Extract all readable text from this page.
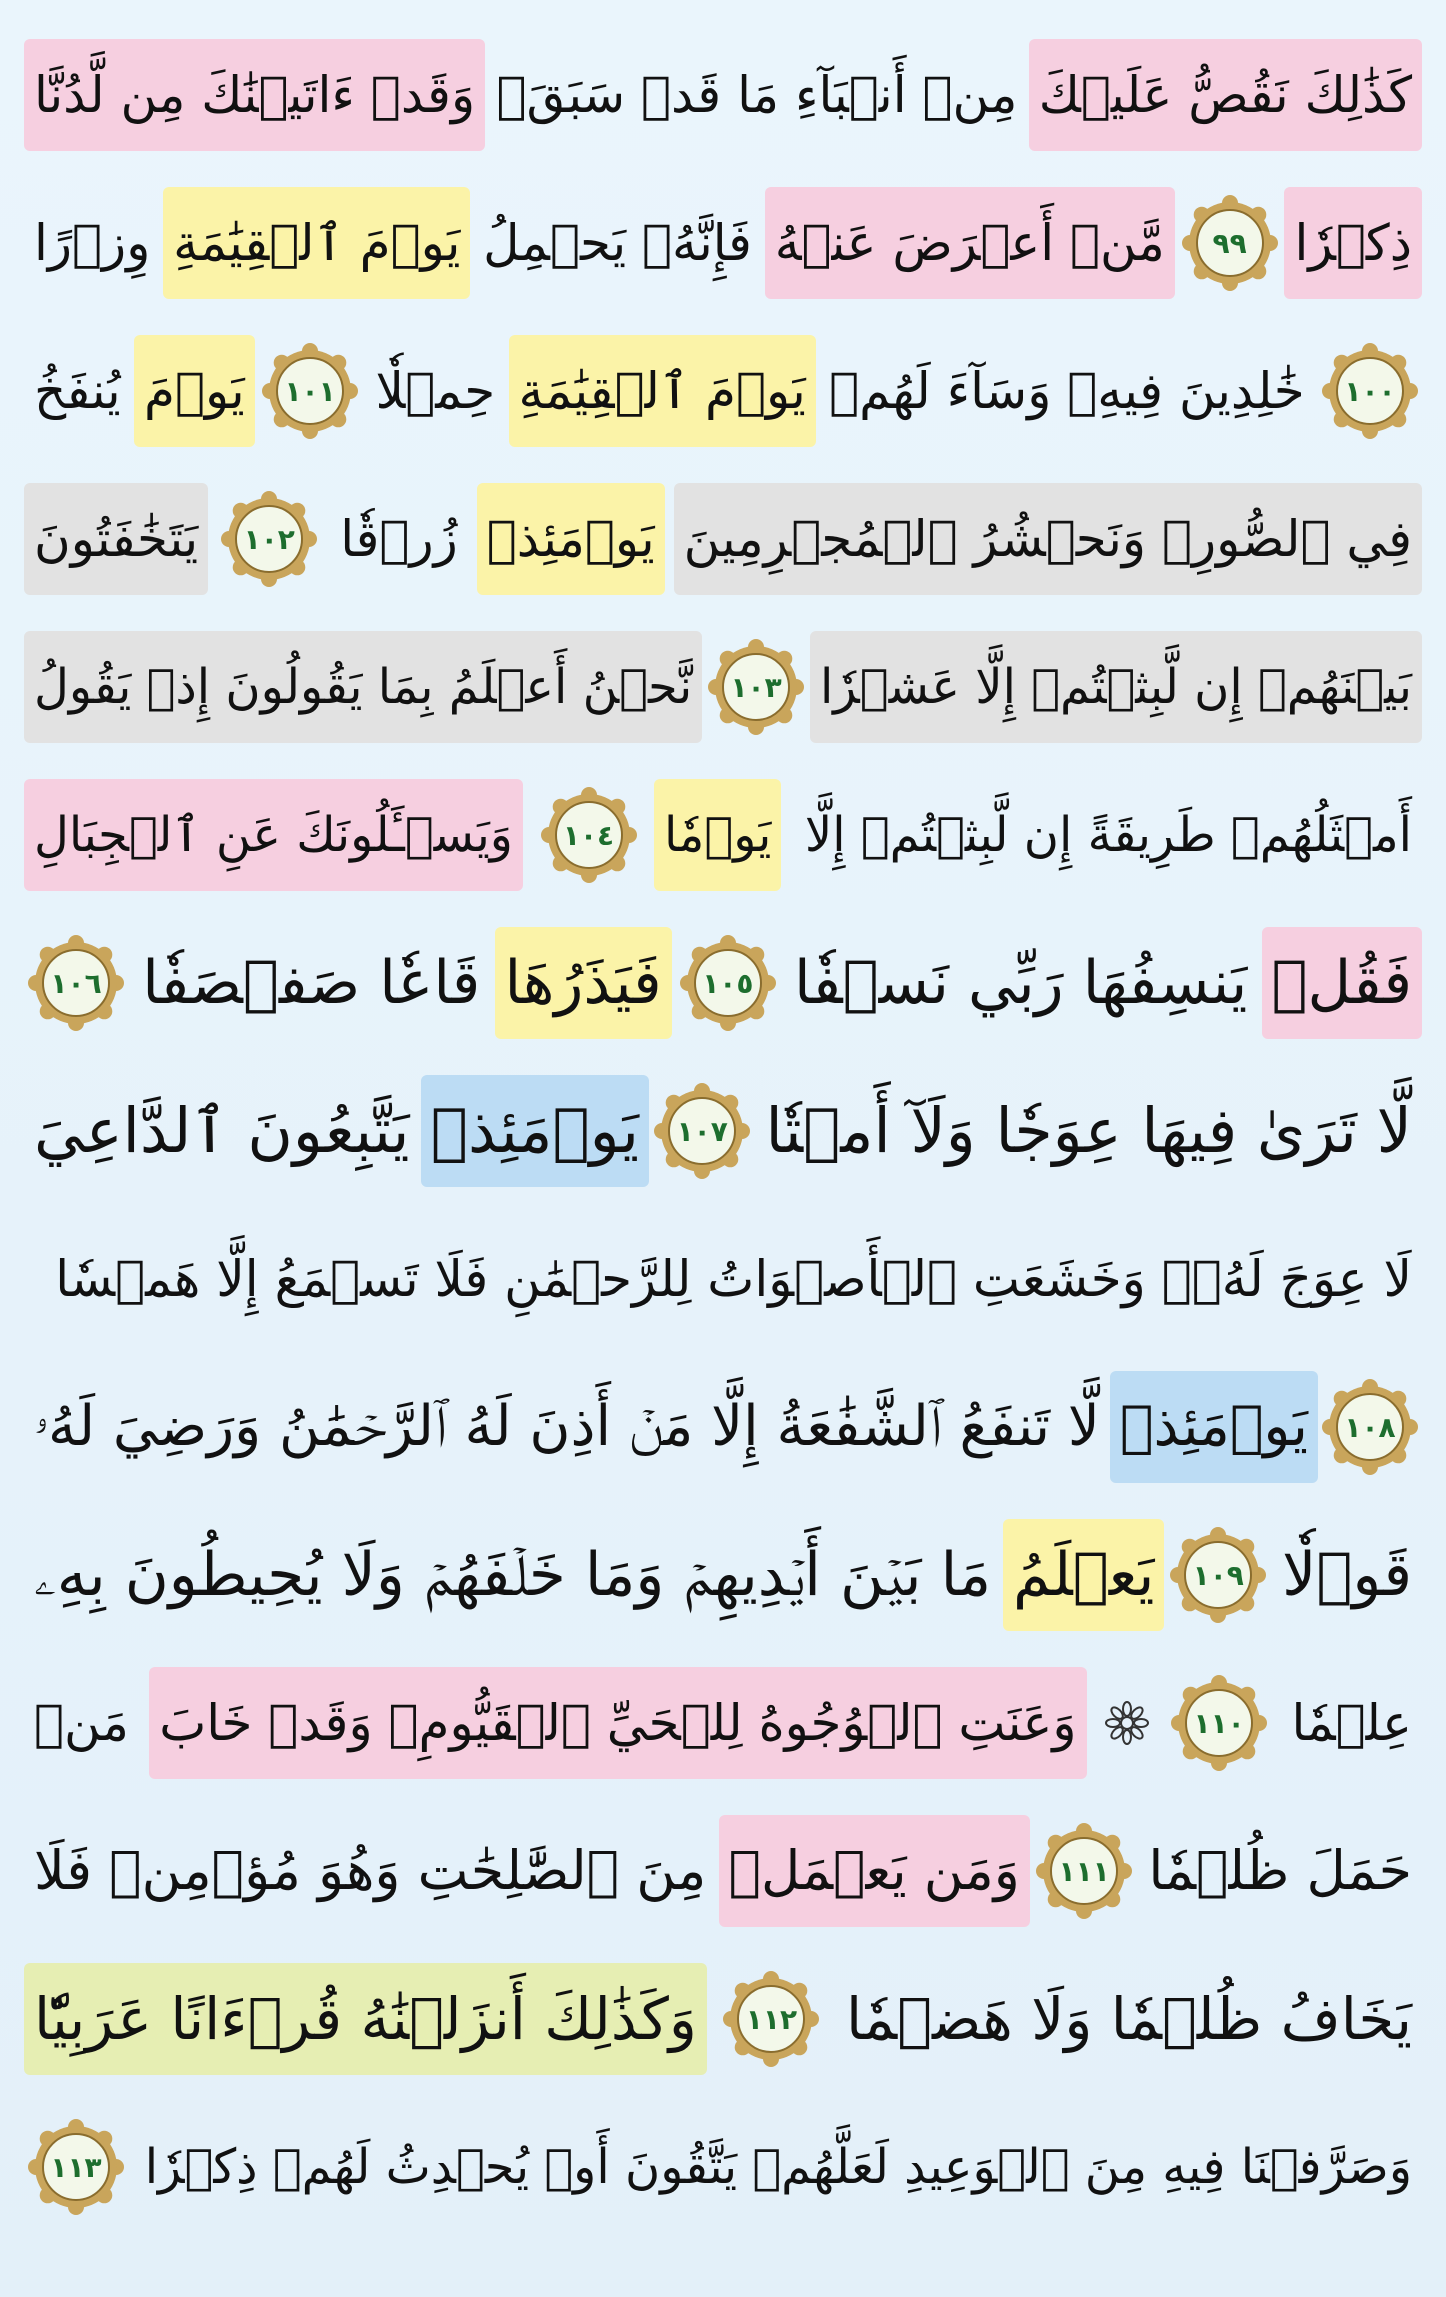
كَذَٰلِكَ نَقُصُّ عَلَيۡكَ
مِنۡ أَنۢبَآءِ مَا قَدۡ سَبَقَۚ
وَقَدۡ ءَاتَيۡنَٰكَ مِن لَّدُنَّا
ذِكۡرٗا
٩٩
مَّنۡ أَعۡرَضَ عَنۡهُ
فَإِنَّهُۥ يَحۡمِلُ
يَوۡمَ ٱلۡقِيَٰمَةِ
وِزۡرًا
١٠٠
خَٰلِدِينَ فِيهِۖ وَسَآءَ لَهُمۡ
يَوۡمَ ٱلۡقِيَٰمَةِ
حِمۡلٗا
١٠١
يَوۡمَ
يُنفَخُ
فِي ٱلصُّورِۚ وَنَحۡشُرُ ٱلۡمُجۡرِمِينَ
يَوۡمَئِذٖ
زُرۡقٗا
١٠٢
يَتَخَٰفَتُونَ
بَيۡنَهُمۡ إِن لَّبِثۡتُمۡ إِلَّا عَشۡرٗا
١٠٣
نَّحۡنُ أَعۡلَمُ بِمَا يَقُولُونَ إِذۡ يَقُولُ
أَمۡثَلُهُمۡ طَرِيقَةً إِن لَّبِثۡتُمۡ إِلَّا
يَوۡمٗا
١٠٤
وَيَسۡـَٔلُونَكَ عَنِ ٱلۡجِبَالِ
فَقُلۡ
يَنسِفُهَا رَبِّي نَسۡفٗا
١٠٥
فَيَذَرُهَا
قَاعٗا صَفۡصَفٗا
١٠٦
لَّا تَرَىٰ فِيهَا عِوَجٗا وَلَآ أَمۡتٗا
١٠٧
يَوۡمَئِذٖ
يَتَّبِعُونَ ٱلدَّاعِيَ
لَا عِوَجَ لَهُۥۖ وَخَشَعَتِ ٱلۡأَصۡوَاتُ لِلرَّحۡمَٰنِ فَلَا تَسۡمَعُ إِلَّا هَمۡسٗا
١٠٨
يَوۡمَئِذٖ
لَّا تَنفَعُ ٱلشَّفَٰعَةُ إِلَّا مَنۡ أَذِنَ لَهُ ٱلرَّحۡمَٰنُ وَرَضِيَ لَهُۥ
قَوۡلٗا
١٠٩
يَعۡلَمُ
مَا بَيۡنَ أَيۡدِيهِمۡ وَمَا خَلۡفَهُمۡ وَلَا يُحِيطُونَ بِهِۦ
عِلۡمٗا
١١٠
وَعَنَتِ ٱلۡوُجُوهُ لِلۡحَيِّ ٱلۡقَيُّومِۖ وَقَدۡ خَابَ
مَنۡ
حَمَلَ ظُلۡمٗا
١١١
وَمَن يَعۡمَلۡ
مِنَ ٱلصَّٰلِحَٰتِ وَهُوَ مُؤۡمِنٞ فَلَا
يَخَافُ ظُلۡمٗا وَلَا هَضۡمٗا
١١٢
وَكَذَٰلِكَ أَنزَلۡنَٰهُ قُرۡءَانًا عَرَبِيّٗا
وَصَرَّفۡنَا فِيهِ مِنَ ٱلۡوَعِيدِ لَعَلَّهُمۡ يَتَّقُونَ أَوۡ يُحۡدِثُ لَهُمۡ ذِكۡرٗا
١١٣
